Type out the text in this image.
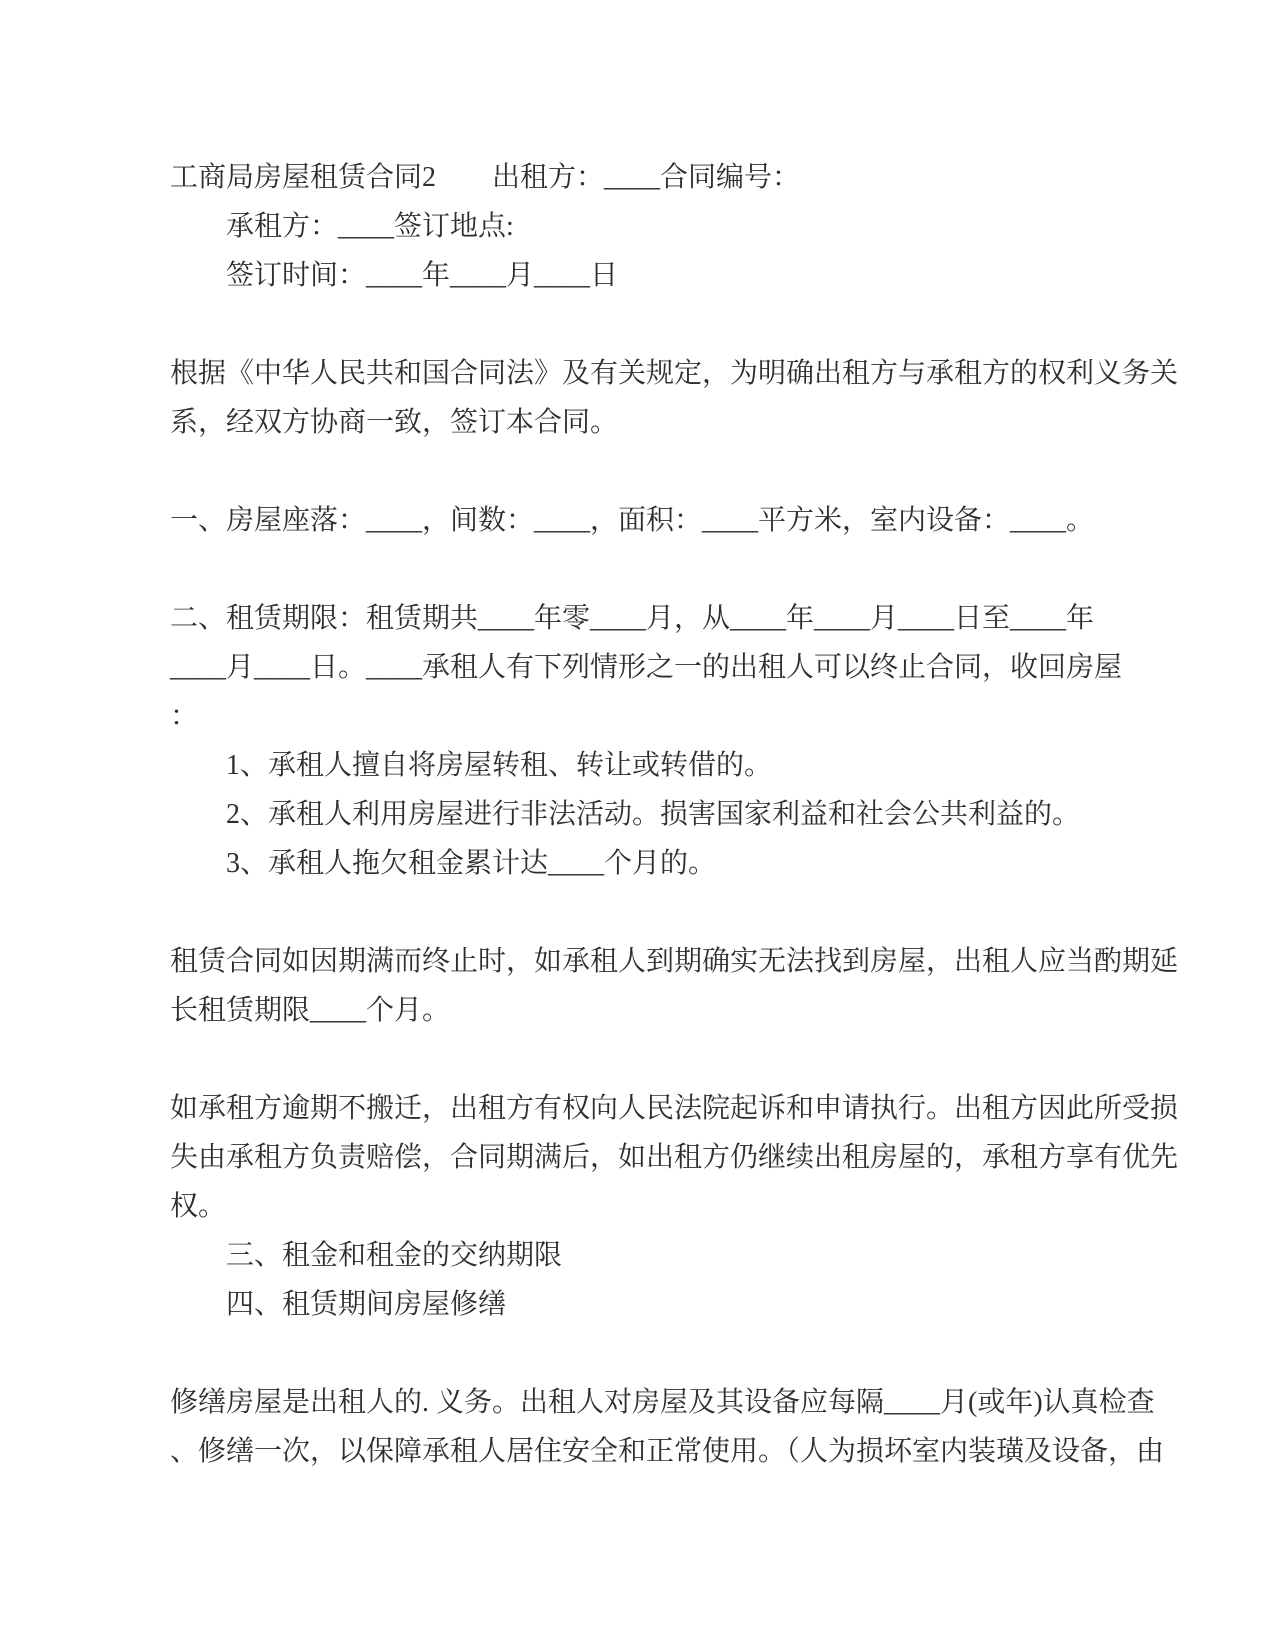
工商局房屋租赁合同2　　出租方：____合同编号：
承租方：____签订地点:
签订时间：____年____月____日
根据《中华人民共和国合同法》及有关规定，为明确出租方与承租方的权利义务关
系，经双方协商一致，签订本合同。
一、房屋座落：____，间数：____，面积：____平方米，室内设备：____。
二、租赁期限：租赁期共____年零____月，从____年____月____日至____年
____月____日。____承租人有下列情形之一的出租人可以终止合同，收回房屋
：
1、承租人擅自将房屋转租、转让或转借的。
2、承租人利用房屋进行非法活动。损害国家利益和社会公共利益的。
3、承租人拖欠租金累计达____个月的。
租赁合同如因期满而终止时，如承租人到期确实无法找到房屋，出租人应当酌期延
长租赁期限____个月。
如承租方逾期不搬迁，出租方有权向人民法院起诉和申请执行。出租方因此所受损
失由承租方负责赔偿，合同期满后，如出租方仍继续出租房屋的，承租方享有优先
权。
三、租金和租金的交纳期限
四、租赁期间房屋修缮
修缮房屋是出租人的. 义务。出租人对房屋及其设备应每隔____月(或年)认真检查
、修缮一次，以保障承租人居住安全和正常使用。（人为损坏室内装璜及设备，由
